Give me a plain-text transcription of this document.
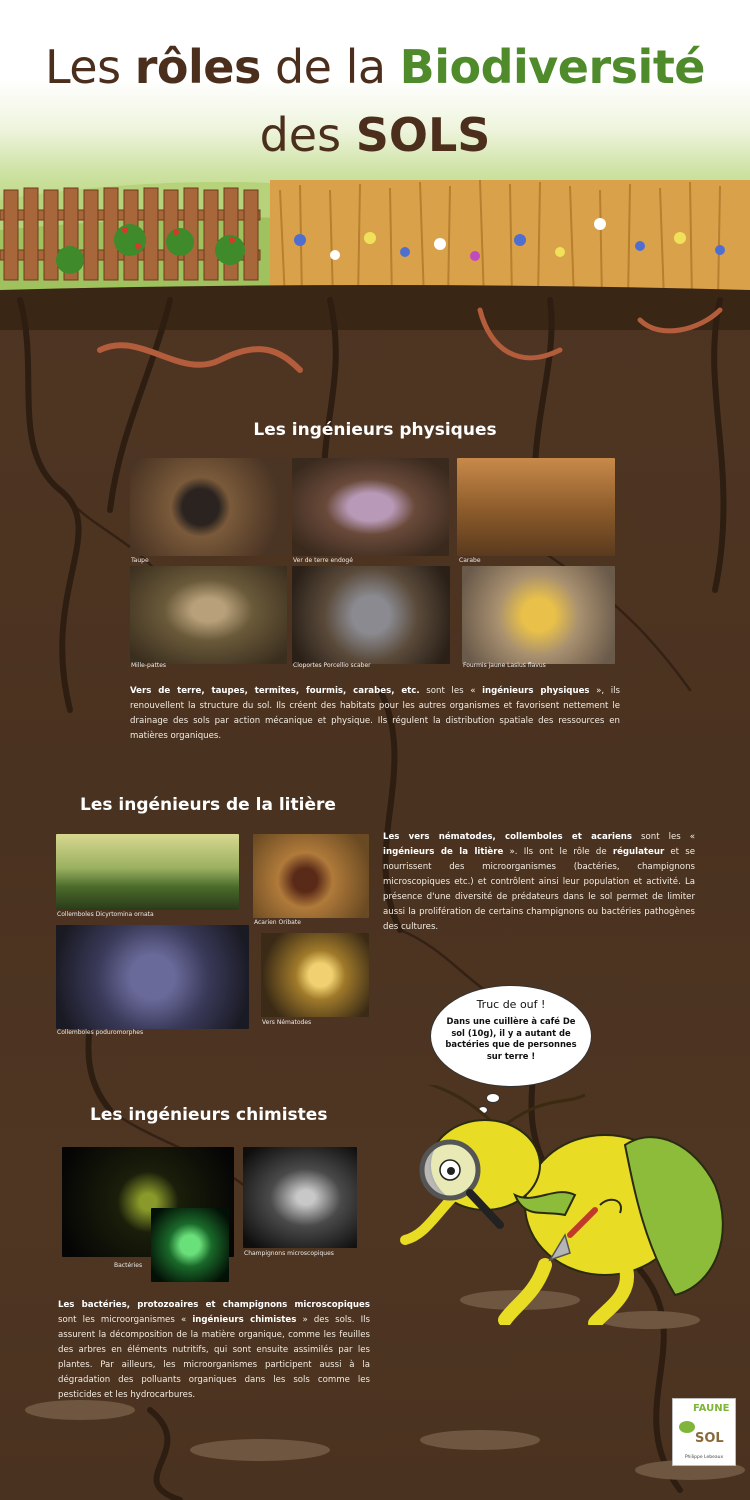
Les rôles de la Biodiversité
des SOLS
Les ingénieurs physiques
Taupe	Ver de terre endogé	Carabe
Mille-pattes	Cloportes Porcellio scaber	Fourmis jaune Lasius flavus
Vers de terre, taupes, termites, fourmis, carabes, etc. sont les « ingénieurs physiques », ils renouvellent la structure du sol. Ils créent des habitats pour les autres organismes et favorisent nettement le drainage des sols par action mécanique et physique. Ils régulent la distribution spatiale des ressources en matières organiques.
Les ingénieurs de la litière
Collemboles Dicyrtomina ornata
Acarien Oribate
Collemboles poduromorphes
Vers Nématodes
Les vers nématodes, collemboles et acariens sont les « ingénieurs de la litière ». Ils ont le rôle de régulateur et se nourrissent des microorganismes (bactéries, champignons microscopiques etc.) et contrôlent ainsi leur population et activité. La présence d'une diversité de prédateurs dans le sol permet de limiter aussi la prolifération de certains champignons ou bactéries pathogènes des cultures.
Truc de ouf !
Dans une cuillère à café De sol (10g), il y a autant de bactéries que de personnes sur terre !
Les ingénieurs chimistes
Bactéries
Champignons microscopiques
Les bactéries, protozoaires et champignons microscopiques sont les microorganismes « ingénieurs chimistes » des sols. Ils assurent la décomposition de la matière organique, comme les feuilles des arbres en éléments nutritifs, qui sont ensuite assimilés par les plantes. Par ailleurs, les microorganismes participent aussi à la dégradation des polluants organiques dans les sols comme les pesticides et les hydrocarbures.
FAUNE
SOL
Philippe Lebeaux
